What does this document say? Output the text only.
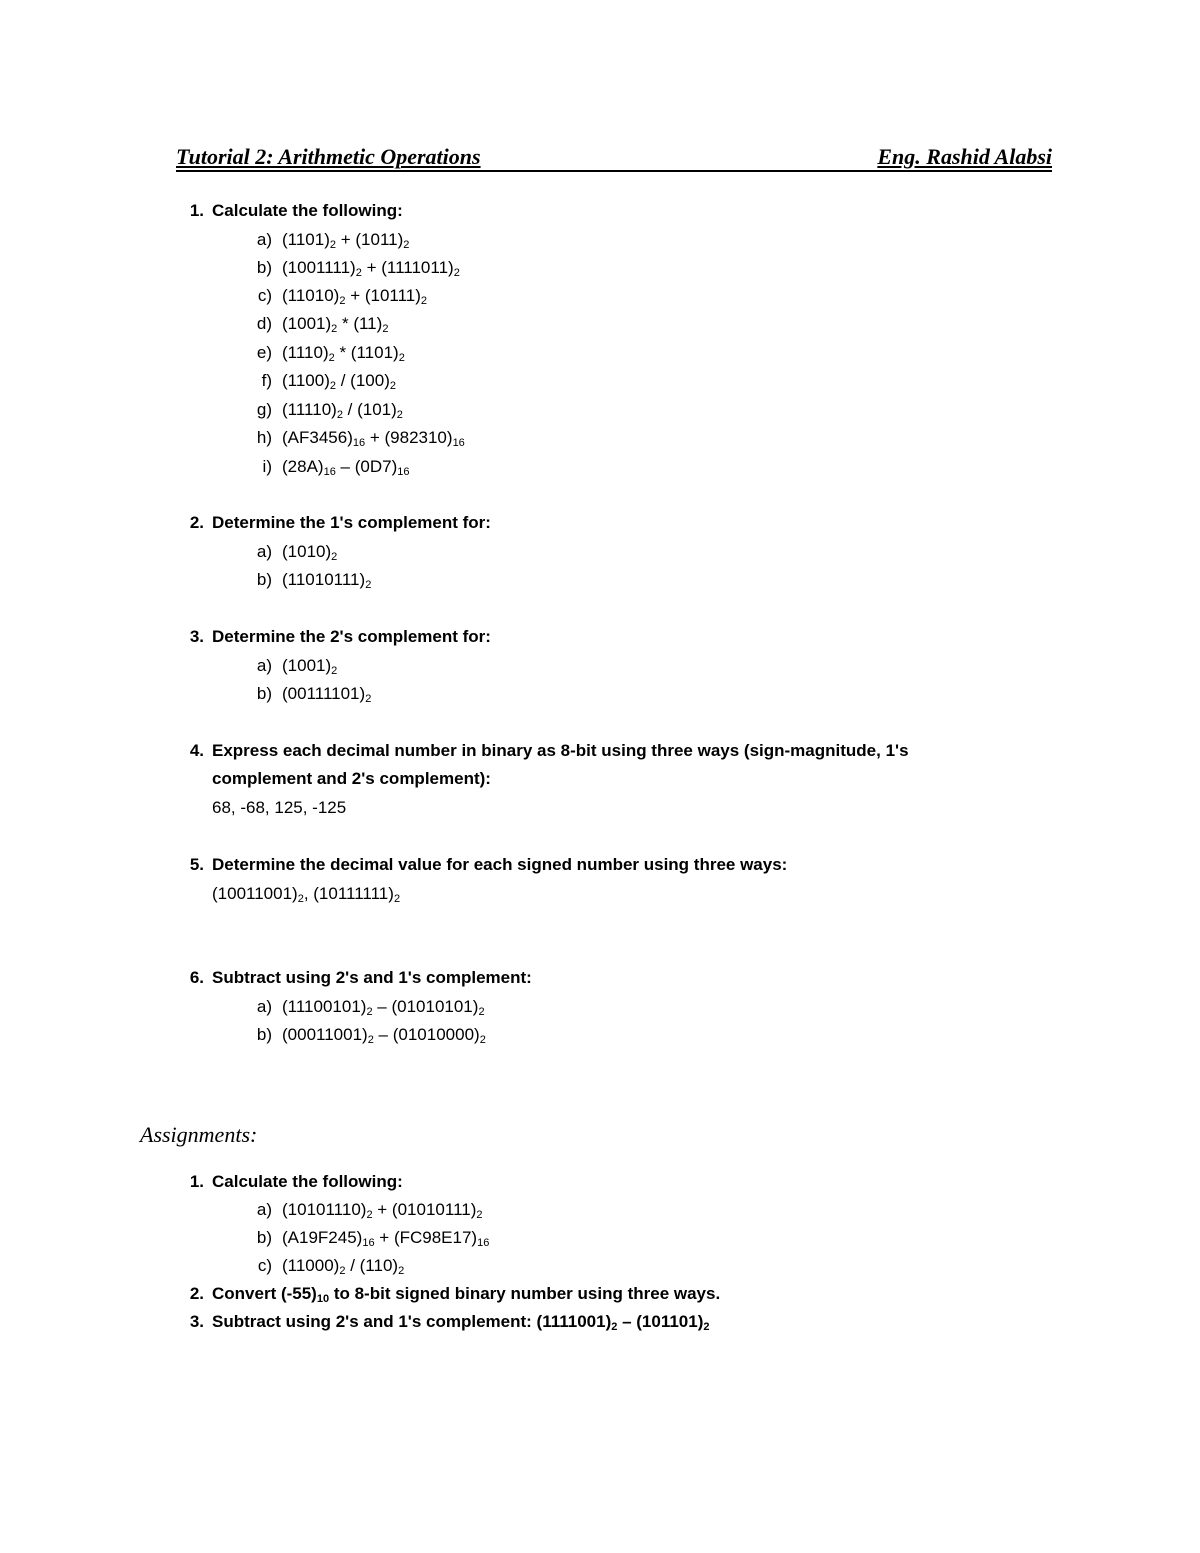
Tutorial 2: Arithmetic Operations	Eng. Rashid Alabsi
1. Calculate the following:
a) $(1101)_2 + (1011)_2$
b) $(1001111)_2 + (1111011)_2$
c) $(11010)_2 + (10111)_2$
d) $(1001)_2 * (11)_2$
e) $(1110)_2 * (1101)_2$
f) $(1100)_2 / (100)_2$
g) $(11110)_2 / (101)_2$
h) $(AF3456)_{16} + (982310)_{16}$
i) $(28A)_{16} - (0D7)_{16}$
2. Determine the 1's complement for:
a) $(1010)_2$
b) $(11010111)_2$
3. Determine the 2's complement for:
a) $(1001)_2$
b) $(00111101)_2$
4. Express each decimal number in binary as 8-bit using three ways (sign-magnitude, 1's
complement and 2's complement):
68, -68, 125, -125
5. Determine the decimal value for each signed number using three ways:
$(10011001)_2$, $(10111111)_2$
6. Subtract using 2's and 1's complement:
a) $(11100101)_2 - (01010101)_2$
b) $(00011001)_2 - (01010000)_2$
Assignments:
1. Calculate the following:
a) $(10101110)_2 + (01010111)_2$
b) $(A19F245)_{16} + (FC98E17)_{16}$
c) $(11000)_2 / (110)_2$
2. Convert $(-55)_{10}$ to 8-bit signed binary number using three ways.
3. Subtract using 2's and 1's complement: $(1111001)_2 - (101101)_2$
